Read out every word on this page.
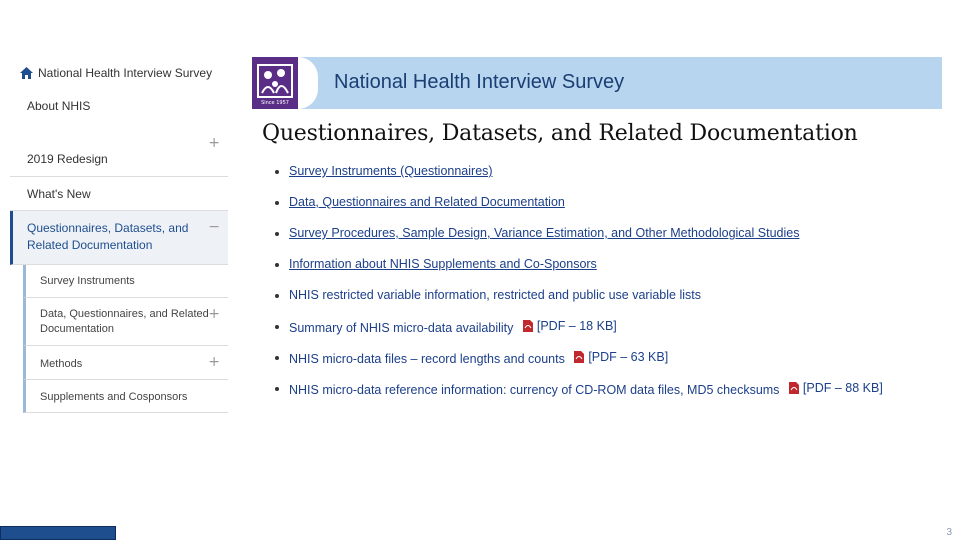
National Health Interview Survey
About NHIS
+
2019 Redesign
What's New
Questionnaires, Datasets, and Related Documentation
−
Survey Instruments
Data, Questionnaires, and Related Documentation
+
Methods	+
Supplements and Cosponsors
Since 1957
National Health Interview Survey
Questionnaires, Datasets, and Related Documentation
Survey Instruments (Questionnaires)
Data, Questionnaires and Related Documentation
Survey Procedures, Sample Design, Variance Estimation, and Other Methodological Studies
Information about NHIS Supplements and Co-Sponsors
NHIS restricted variable information, restricted and public use variable lists
Summary of NHIS micro-data availability [PDF – 18 KB]
NHIS micro-data files – record lengths and counts [PDF – 63 KB]
NHIS micro-data reference information: currency of CD-ROM data files, MD5 checksums [PDF – 88 KB]
3
